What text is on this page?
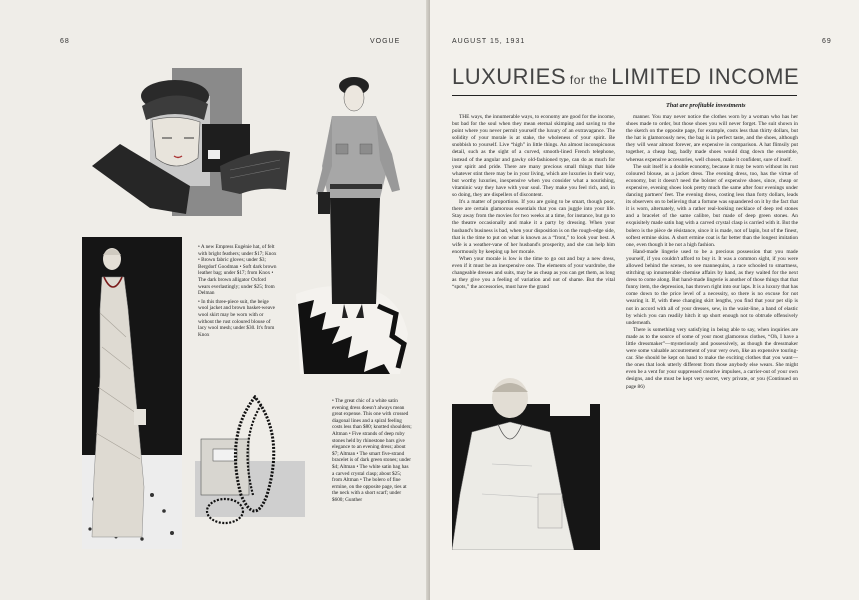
68	VOGUE

• A new Empress Eugénie hat, of felt with bright feathers; under $17; Knox • Brown fabric gloves; under $3; Bergdorf Goodman • Soft dark brown leather bag; under $17; from Knox • The dark brown alligator Oxford wears everlastingly; under $25; from Delman

• In this three-piece suit, the beige wool jacket and brown basket-weave wool skirt may be worn with or without the rust coloured blouse of lacy wool mesh; under $30. It's from Knox

• The great chic of a white satin evening dress doesn't always mean great expense. This one with crossed diagonal lines and a spiral feeling costs less than $80; knotted shoulders; Altman • Five strands of deep ruby stones held by rhinestone bars give elegance to an evening dress; about $7; Altman • The smart five-strand bracelet is of dark green stones; under $4; Altman • The white satin bag has a carved crystal clasp; about $25; from Altman • The bolero of fine ermine, on the opposite page, ties at the neck with a short scarf; under $600; Gunther
AUGUST 15, 1931	69
LUXURIES for the LIMITED INCOME
That are profitable investments

THE ways, the innumerable ways, to economy are good for the income, but bad for the soul when they mean eternal skimping and saving to the point where you never permit yourself the luxury of an extravagance. The solidity of your morale is at stake, the wholeness of your spirit. Be snobbish to yourself. Live “high” in little things. An almost inconspicuous detail, such as the sight of a curved, smooth-lined French telephone, instead of the angular and gawky old-fashioned type, can do as much for your spirit and pride. There are many precious small things that hide whatever stint there may be in your living, which are luxuries in their way, but worthy luxuries, inexpensive when you consider what a nourishing, vitaminic way they have with your soul. They make you feel rich, and, in so doing, they are dispellers of discontent.

It's a matter of proportions. If you are going to be smart, though poor, there are certain glamorous essentials that you can juggle into your life. Stay away from the movies for two weeks at a time, for instance, but go to the theatre occasionally and make it a party by dressing. When your husband's business is bad, when your disposition is on the rough-edge side, that is the time to put on what is known as a “front,” to look your best. A wife is a weather-vane of her husband's prosperity, and she can help him enormously by keeping up her morale.

When your morale is low is the time to go out and buy a new dress, even if it must be an inexpensive one. The elements of your wardrobe, the changeable dresses and suits, may be as cheap as you can get them, as long as they give you a feeling of variation and not of shame. But the vital “spots,” the accessories, must have the grand

manner. You may never notice the clothes worn by a woman who has her shoes made to order, but those shoes you will never forget. The suit shown in the sketch on the opposite page, for example, costs less than thirty dollars, but the hat is glamorously new, the bag is in perfect taste, and the shoes, although they will wear almost forever, are expensive in comparison. A hat flimsily put together, a cheap bag, badly made shoes would drag down the ensemble, whereas expensive accessories, well chosen, make it confident, sure of itself.

The suit itself is a double economy, because it may be worn without its rust coloured blouse, as a jacket dress. The evening dress, too, has the virtue of economy, but it doesn't need the bolster of expensive shoes, since, cheap or expensive, evening shoes look pretty much the same after four evenings under dancing partners' feet. The evening dress, costing less than forty dollars, leads its observers on to believing that a fortune was squandered on it by the fact that it is worn, alternately, with a rather real-looking necklace of deep red stones and a bracelet of the same calibre, but made of deep green stones. An exquisitely made satin bag with a carved crystal clasp is carried with it. But the bolero is the pièce de résistance, since it is made, not of lapin, but of the finest, softest ermine skins. A short ermine coat is far better than the longest imitation one, even though it be not a high fashion.

Hand-made lingerie used to be a precious possession that you made yourself, if you couldn't afford to buy it. It was a common sight, if you were allowed behind the scenes, to see mannequins, a race schooled to smartness, stitching up innumerable chemise affairs by hand, as they waited for the next dress to come along. But hand-made lingerie is another of those things that that funny item, the depression, has thrown right into our laps. It is a luxury that has come down to the price level of a necessity, so there is no excuse for not wearing it. If, with these changing skirt lengths, you find that your pet slip is not in accord with all of your dresses, sew, in the waist-line, a band of elastic by which you can readily hitch it up short enough not to obtrude offensively underneath.

There is something very satisfying in being able to say, when inquiries are made as to the source of some of your most glamorous clothes, “Oh, I have a little dressmaker”—mysteriously and possessively, as though the dressmaker were some valuable accoutrement of your very own, like an expensive touring-car. She should be kept on hand to make the exciting clothes that you want—the ones that look utterly different from those anybody else wears. She might even be a vent for your suppressed creative impulses, a carrier-out of your own designs, and she must be kept very secret, very private, or you (Continued on page 86)
